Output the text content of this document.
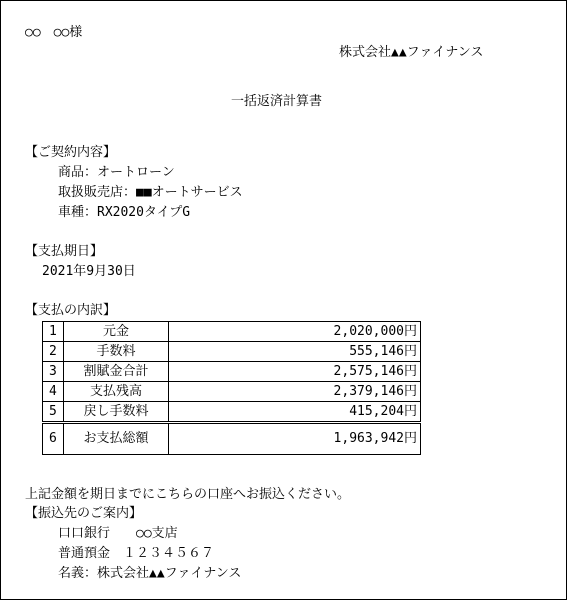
○○　○○様
株式会社▲▲ファイナンス
一括返済計算書
【ご契約内容】
商品：オートローン
取扱販売店：■■オートサービス
車種：RX2020タイプG
【支払期日】
2021年9月30日
【支払の内訳】
1	元金	2,020,000円
2	手数料	555,146円
3	割賦金合計	2,575,146円
4	支払残高	2,379,146円
5	戻し手数料	415,204円
6	お支払総額	1,963,942円
上記金額を期日までにこちらの口座へお振込ください。
【振込先のご案内】
口口銀行　　○○支店
普通預金　１２３４５６７
名義：株式会社▲▲ファイナンス
